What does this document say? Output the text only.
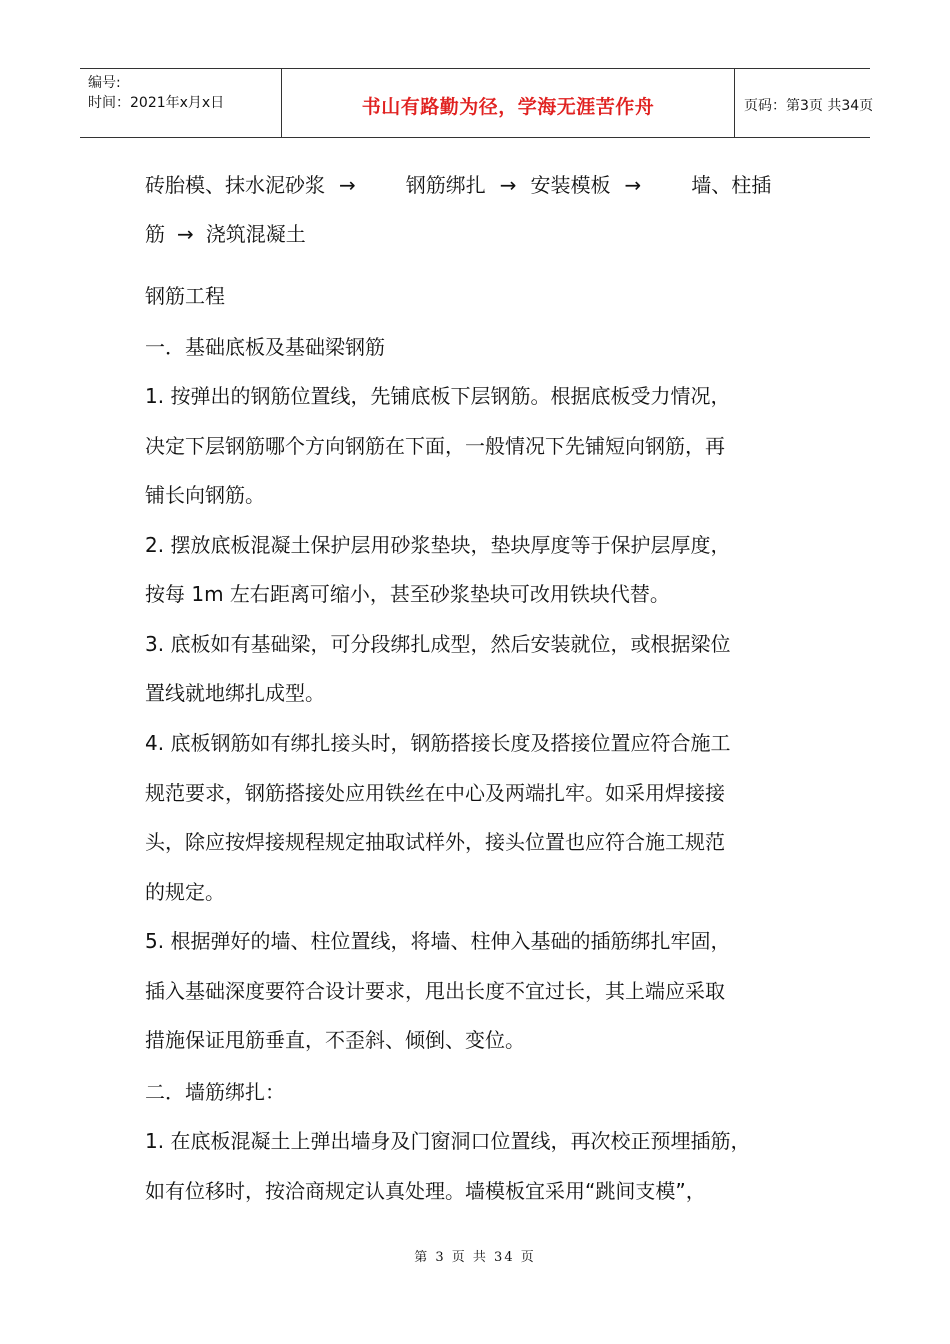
编号:
时间：2021年x月x日	书山有路勤为径，学海无涯苦作舟	页码：第3页 共34页
砖胎模、抹水泥砂浆 →	钢筋绑扎 → 安装模板 →	墙、柱插
筋 → 浇筑混凝土
钢筋工程
一．基础底板及基础梁钢筋
1. 按弹出的钢筋位置线，先铺底板下层钢筋。根据底板受力情况，
决定下层钢筋哪个方向钢筋在下面，一般情况下先铺短向钢筋，再
铺长向钢筋。
2. 摆放底板混凝土保护层用砂浆垫块，垫块厚度等于保护层厚度，
按每 1m 左右距离可缩小，甚至砂浆垫块可改用铁块代替。
3. 底板如有基础梁，可分段绑扎成型，然后安装就位，或根据梁位
置线就地绑扎成型。
4. 底板钢筋如有绑扎接头时，钢筋搭接长度及搭接位置应符合施工
规范要求，钢筋搭接处应用铁丝在中心及两端扎牢。如采用焊接接
头，除应按焊接规程规定抽取试样外，接头位置也应符合施工规范
的规定。
5. 根据弹好的墙、柱位置线，将墙、柱伸入基础的插筋绑扎牢固，
插入基础深度要符合设计要求，甩出长度不宜过长，其上端应采取
措施保证甩筋垂直，不歪斜、倾倒、变位。
二．墙筋绑扎：
1. 在底板混凝土上弹出墙身及门窗洞口位置线，再次校正预埋插筋，
如有位移时，按洽商规定认真处理。墙模板宜采用“跳间支模”，
第 3 页 共 34 页
